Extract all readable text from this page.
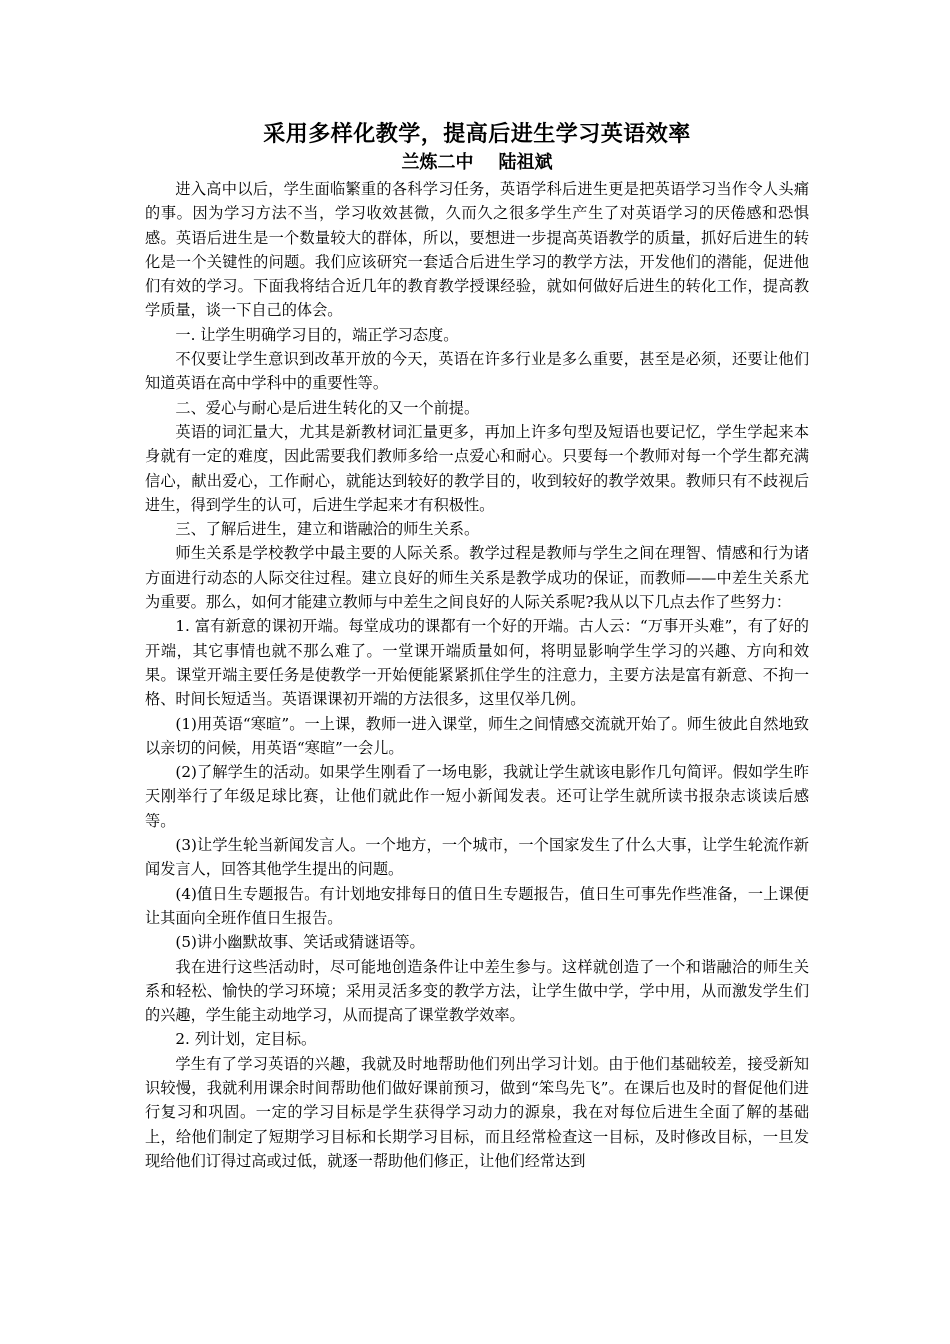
采用多样化教学，提高后进生学习英语效率
兰炼二中    陆祖斌

进入高中以后，学生面临繁重的各科学习任务，英语学科后进生更是把英语学习当作令人头痛的事。因为学习方法不当，学习收效甚微，久而久之很多学生产生了对英语学习的厌倦感和恐惧感。英语后进生是一个数量较大的群体，所以，要想进一步提高英语教学的质量，抓好后进生的转化是一个关键性的问题。我们应该研究一套适合后进生学习的教学方法，开发他们的潜能，促进他们有效的学习。下面我将结合近几年的教育教学授课经验，就如何做好后进生的转化工作，提高教学质量，谈一下自己的体会。

一. 让学生明确学习目的，端正学习态度。

不仅要让学生意识到改革开放的今天，英语在许多行业是多么重要，甚至是必须，还要让他们知道英语在高中学科中的重要性等。

二、爱心与耐心是后进生转化的又一个前提。

英语的词汇量大，尤其是新教材词汇量更多，再加上许多句型及短语也要记忆，学生学起来本身就有一定的难度，因此需要我们教师多给一点爱心和耐心。只要每一个教师对每一个学生都充满信心，献出爱心，工作耐心，就能达到较好的教学目的，收到较好的教学效果。教师只有不歧视后进生，得到学生的认可，后进生学起来才有积极性。

三、了解后进生，建立和谐融洽的师生关系。

师生关系是学校教学中最主要的人际关系。教学过程是教师与学生之间在理智、情感和行为诸方面进行动态的人际交往过程。建立良好的师生关系是教学成功的保证，而教师——中差生关系尤为重要。那么，如何才能建立教师与中差生之间良好的人际关系呢?我从以下几点去作了些努力：

1. 富有新意的课初开端。每堂成功的课都有一个好的开端。古人云：“万事开头难”，有了好的开端，其它事情也就不那么难了。一堂课开端质量如何，将明显影响学生学习的兴趣、方向和效果。课堂开端主要任务是使教学一开始便能紧紧抓住学生的注意力，主要方法是富有新意、不拘一格、时间长短适当。英语课课初开端的方法很多，这里仅举几例。

(1)用英语“寒暄”。一上课，教师一进入课堂，师生之间情感交流就开始了。师生彼此自然地致以亲切的问候，用英语“寒暄”一会儿。

(2)了解学生的活动。如果学生刚看了一场电影，我就让学生就该电影作几句简评。假如学生昨天刚举行了年级足球比赛，让他们就此作一短小新闻发表。还可让学生就所读书报杂志谈读后感等。

(3)让学生轮当新闻发言人。一个地方，一个城市，一个国家发生了什么大事，让学生轮流作新闻发言人，回答其他学生提出的问题。

(4)值日生专题报告。有计划地安排每日的值日生专题报告，值日生可事先作些准备，一上课便让其面向全班作值日生报告。

(5)讲小幽默故事、笑话或猜谜语等。

我在进行这些活动时，尽可能地创造条件让中差生参与。这样就创造了一个和谐融洽的师生关系和轻松、愉快的学习环境；采用灵活多变的教学方法，让学生做中学，学中用，从而激发学生们的兴趣，学生能主动地学习，从而提高了课堂教学效率。

2. 列计划，定目标。

学生有了学习英语的兴趣，我就及时地帮助他们列出学习计划。由于他们基础较差，接受新知识较慢，我就利用课余时间帮助他们做好课前预习，做到“笨鸟先飞”。在课后也及时的督促他们进行复习和巩固。一定的学习目标是学生获得学习动力的源泉，我在对每位后进生全面了解的基础上，给他们制定了短期学习目标和长期学习目标，而且经常检查这一目标，及时修改目标，一旦发现给他们订得过高或过低，就逐一帮助他们修正，让他们经常达到
